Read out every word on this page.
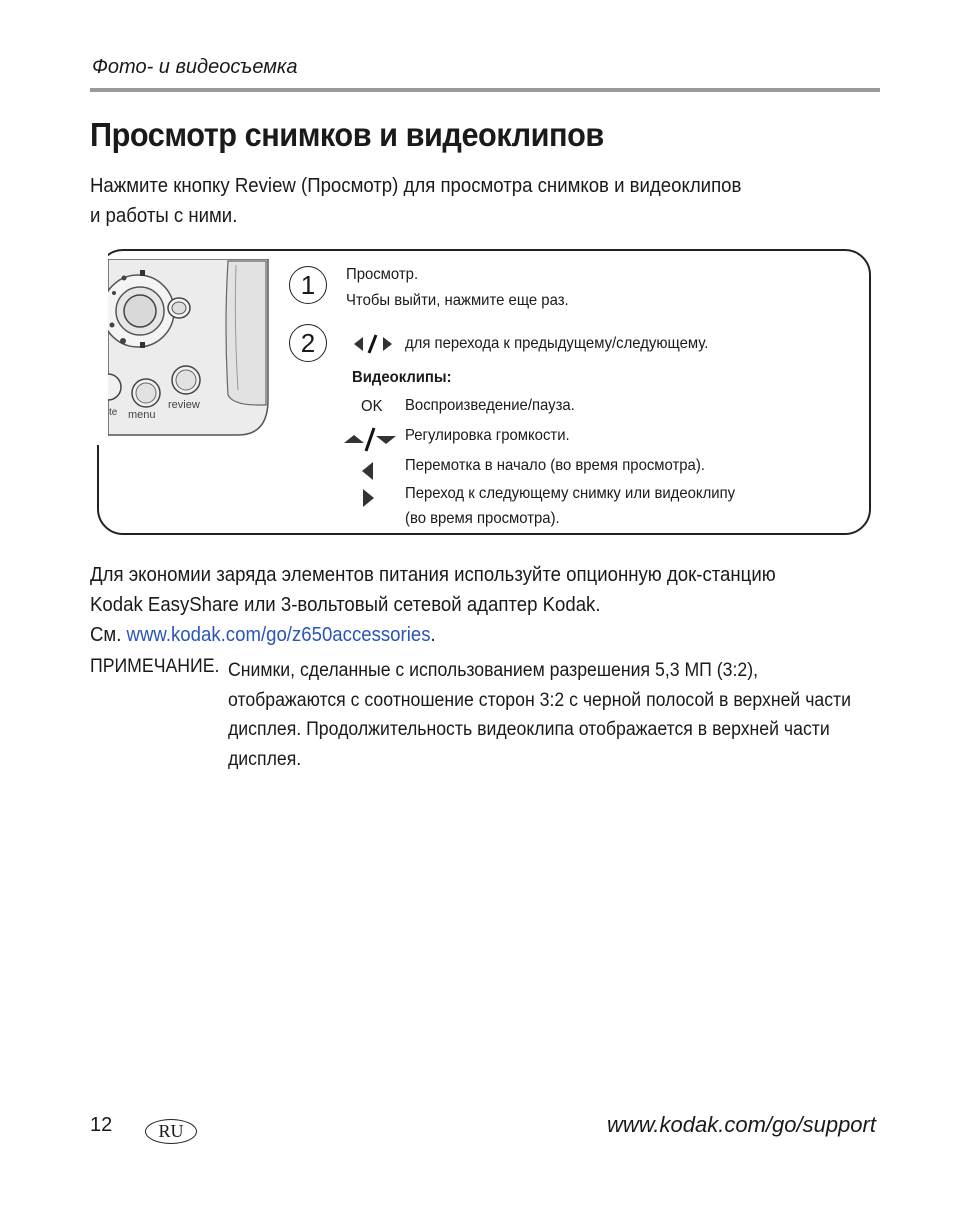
Фото- и видеосъемка
Просмотр снимков и видеоклипов
Нажмите кнопку Review (Просмотр) для просмотра снимков и видеоклипов
и работы с ними.
te menu
review
1 Просмотр.
Чтобы выйти, нажмите еще раз.
2	для перехода к предыдущему/следующему.
Видеоклипы:
OK Воспроизведение/пауза.
Регулировка громкости.
Перемотка в начало (во время просмотра).
Переход к следующему снимку или видеоклипу
(во время просмотра).
Для экономии заряда элементов питания используйте опционную док-станцию
Kodak EasyShare или 3-вольтовый сетевой адаптер Kodak.
См. www.kodak.com/go/z650accessories.
ПРИМЕЧАНИЕ. Снимки, сделанные с использованием разрешения 5,3 МП (3:2),
отображаются с соотношение сторон 3:2 с черной полосой в верхней части
дисплея. Продолжительность видеоклипа отображается в верхней части
дисплея.
12	RU	www.kodak.com/go/support
